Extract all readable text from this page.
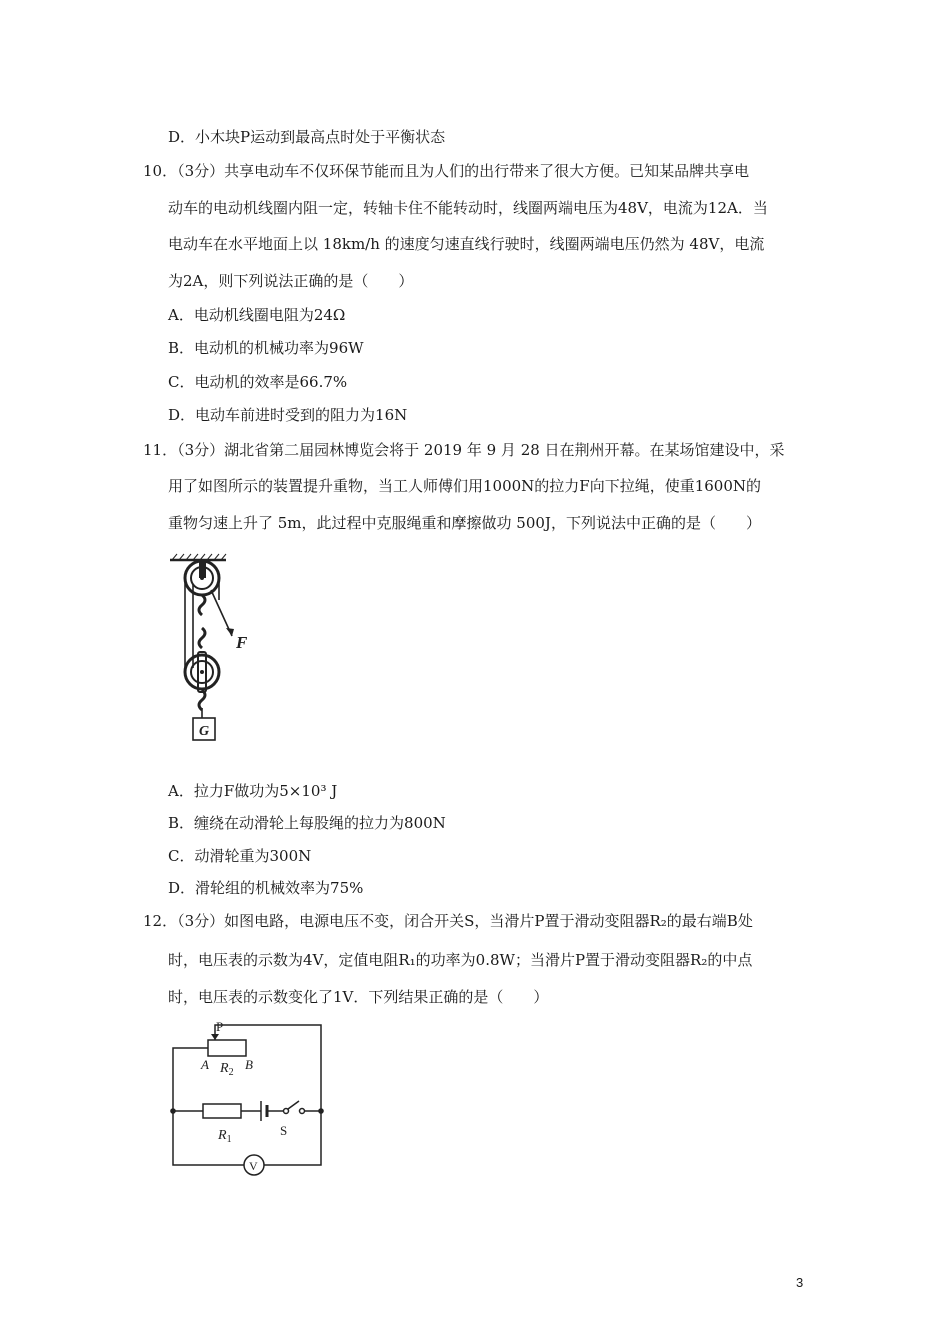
D．小木块P运动到最高点时处于平衡状态
10．（3分）共享电动车不仅环保节能而且为人们的出行带来了很大方便。已知某品牌共享电
动车的电动机线圈内阻一定，转轴卡住不能转动时，线圈两端电压为48V，电流为12A．当
电动车在水平地面上以 18km/h 的速度匀速直线行驶时，线圈两端电压仍然为 48V，电流
为2A，则下列说法正确的是（　　）
A．电动机线圈电阻为24Ω
B．电动机的机械功率为96W
C．电动机的效率是66.7%
D．电动车前进时受到的阻力为16N
11．（3分）湖北省第二届园林博览会将于 2019 年 9 月 28 日在荆州开幕。在某场馆建设中，采
用了如图所示的装置提升重物，当工人师傅们用1000N的拉力F向下拉绳，使重1600N的
重物匀速上升了 5m，此过程中克服绳重和摩擦做功 500J，下列说法中正确的是（　　）
F
G
A．拉力F做功为5×10³ J
B．缠绕在动滑轮上每股绳的拉力为800N
C．动滑轮重为300N
D．滑轮组的机械效率为75%
12．（3分）如图电路，电源电压不变，闭合开关S，当滑片P置于滑动变阻器R₂的最右端B处
时，电压表的示数为4V，定值电阻R₁的功率为0.8W；当滑片P置于滑动变阻器R₂的中点
时，电压表的示数变化了1V．下列结果正确的是（　　）
P
A $R_2$
B
$R_1$
S
V
3
